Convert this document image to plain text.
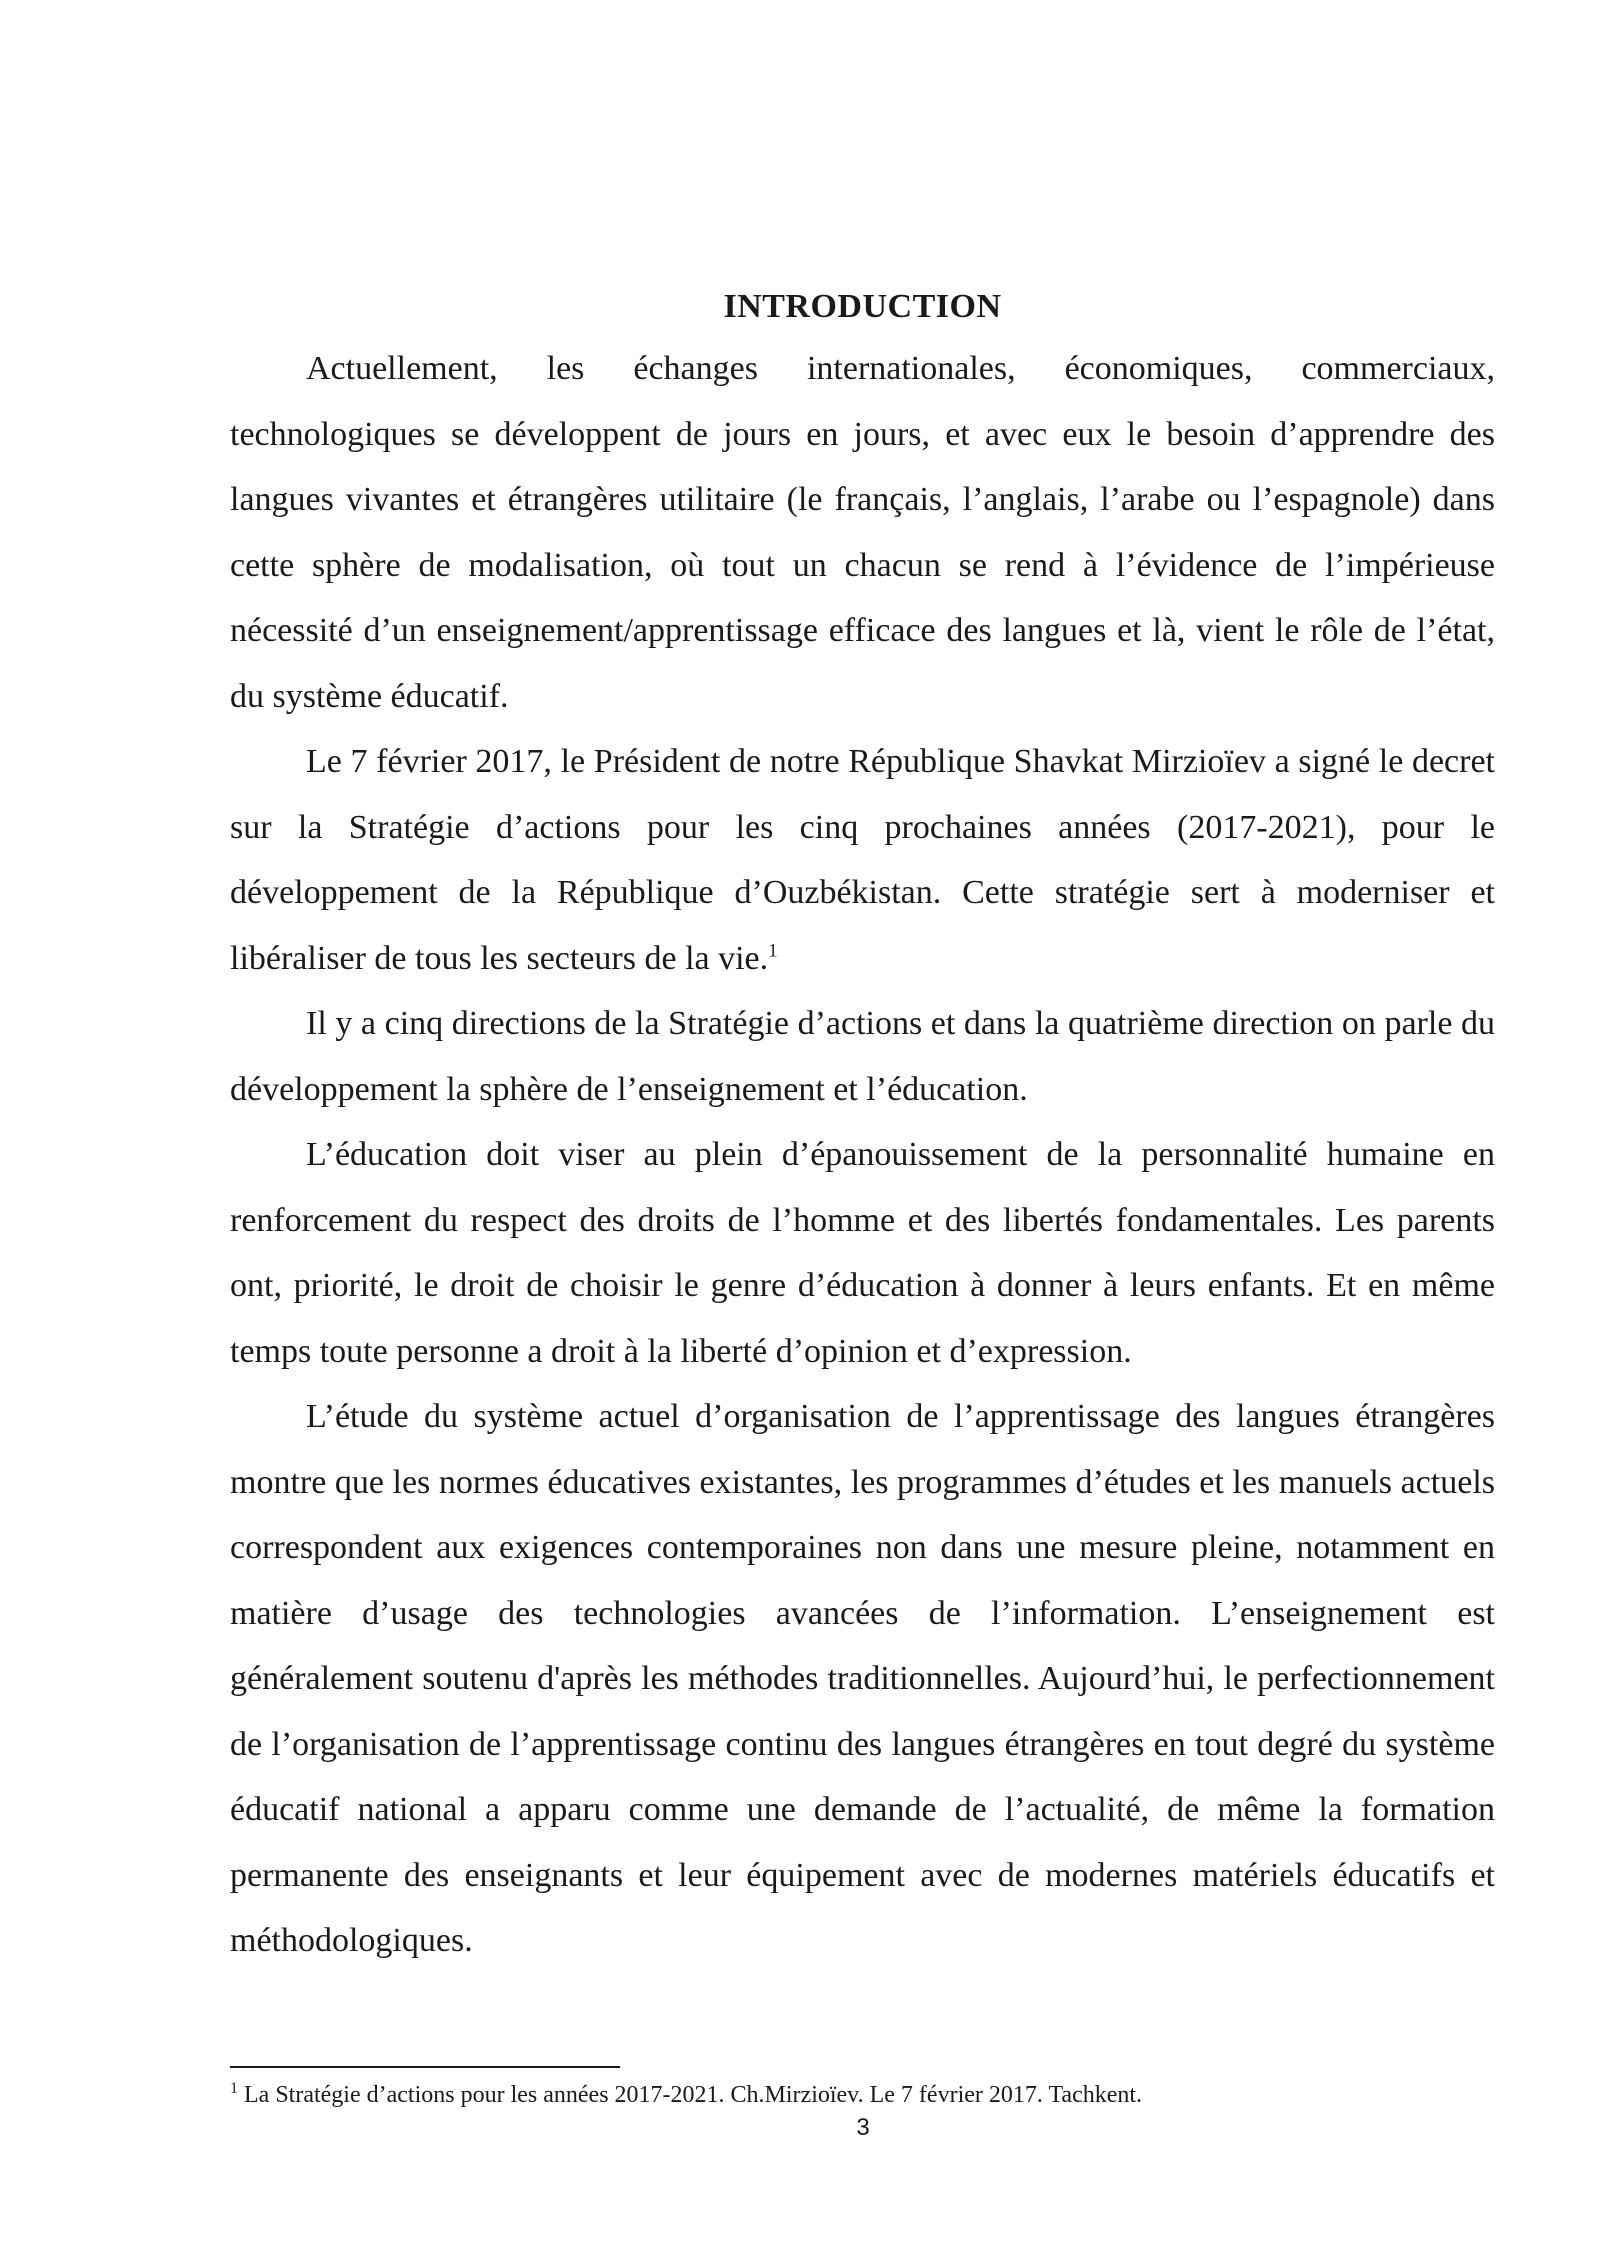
INTRODUCTION

Actuellement, les échanges internationales, économiques, commerciaux, technologiques se développent de jours en jours, et avec eux le besoin d’apprendre des langues vivantes et étrangères utilitaire (le français, l’anglais, l’arabe ou l’espagnole) dans cette sphère de modalisation, où tout un chacun se rend à l’évidence de l’impérieuse nécessité d’un enseignement/apprentissage efficace des langues et là, vient le rôle de l’état, du système éducatif.

Le 7 février 2017, le Président de notre République Shavkat Mirzioïev a signé le decret sur la Stratégie d’actions pour les cinq prochaines années (2017-2021), pour le développement de la République d’Ouzbékistan. Cette stratégie sert à moderniser et libéraliser de tous les secteurs de la vie.$^1$

Il y a cinq directions de la Stratégie d’actions et dans la quatrième direction on parle du développement la sphère de l’enseignement et l’éducation.

L’éducation doit viser au plein d’épanouissement de la personnalité humaine en renforcement du respect des droits de l’homme et des libertés fondamentales. Les parents ont, priorité, le droit de choisir le genre d’éducation à donner à leurs enfants. Et en même temps toute personne a droit à la liberté d’opinion et d’expression.

L’étude du système actuel d’organisation de l’apprentissage des langues étrangères montre que les normes éducatives existantes, les programmes d’études et les manuels actuels correspondent aux exigences contemporaines non dans une mesure pleine, notamment en matière d’usage des technologies avancées de l’information. L’enseignement est généralement soutenu d'après les méthodes traditionnelles. Aujourd’hui, le perfectionnement de l’organisation de l’apprentissage continu des langues étrangères en tout degré du système éducatif national a apparu comme une demande de l’actualité, de même la formation permanente des enseignants et leur équipement avec de modernes matériels éducatifs et méthodologiques.

$^1$ La Stratégie d’actions pour les années 2017-2021. Ch.Mirzioïev. Le 7 février 2017. Tachkent.
3
